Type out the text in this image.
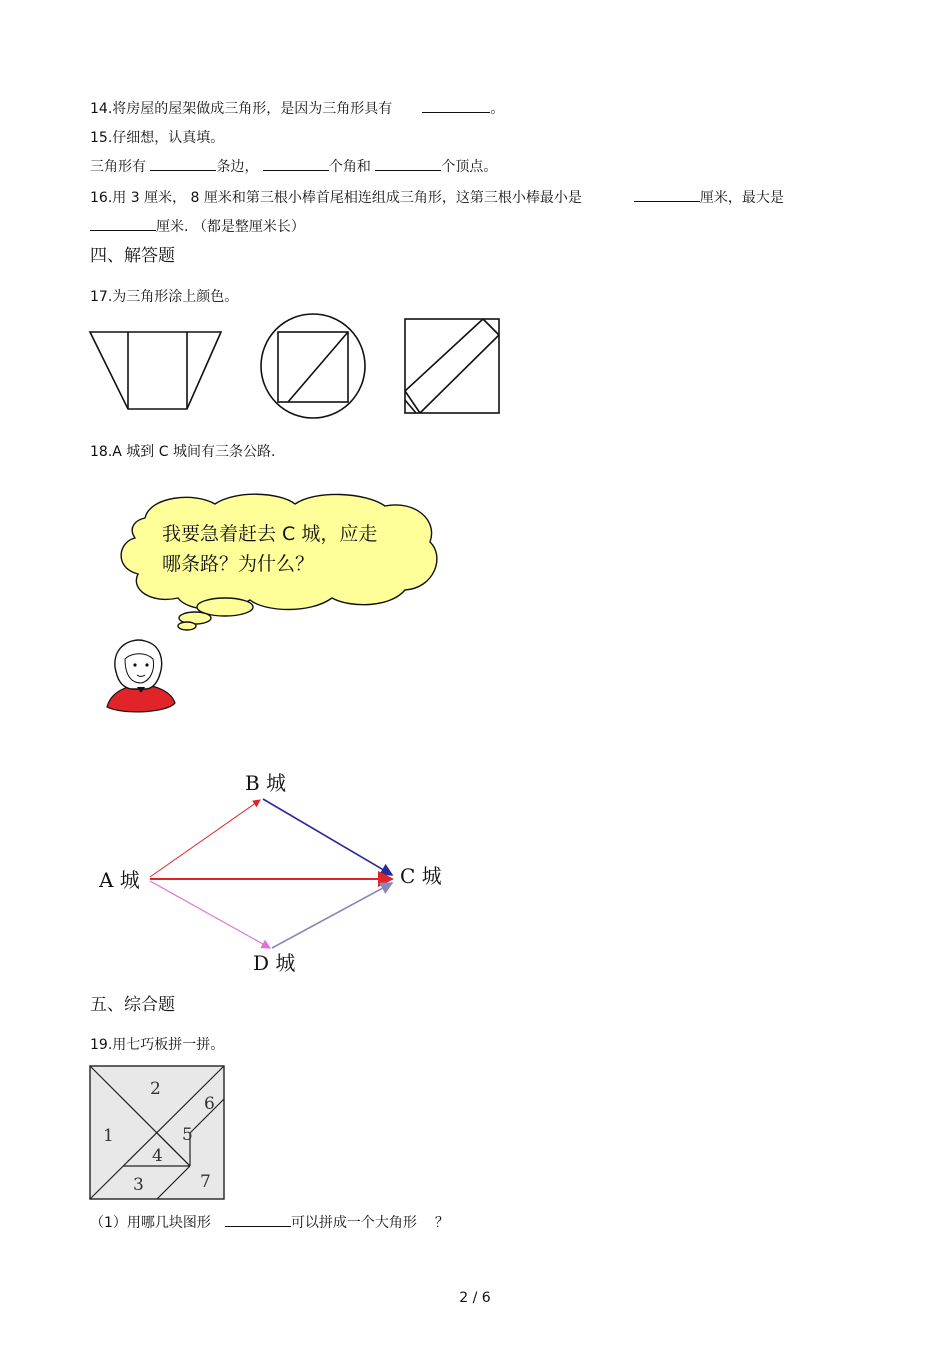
14.将房屋的屋架做成三角形，是因为三角形具有	。
15.仔细想，认真填。
三角形有	条边，	个角和	个顶点。
16.用 3 厘米， 8 厘米和第三根小棒首尾相连组成三角形，这第三根小棒最小是	厘米，最大是
厘米. （都是整厘米长）
四、解答题
17.为三角形涂上颜色。
18.A 城到 C 城间有三条公路.
我要急着赶去 C 城，应走
哪条路？为什么？
A 城
B 城
C 城
D 城
五、综合题
19.用七巧板拼一拼。
1
2
3
4
5
6
7
（1）用哪几块图形	可以拼成一个大角形 ？
2 / 6
